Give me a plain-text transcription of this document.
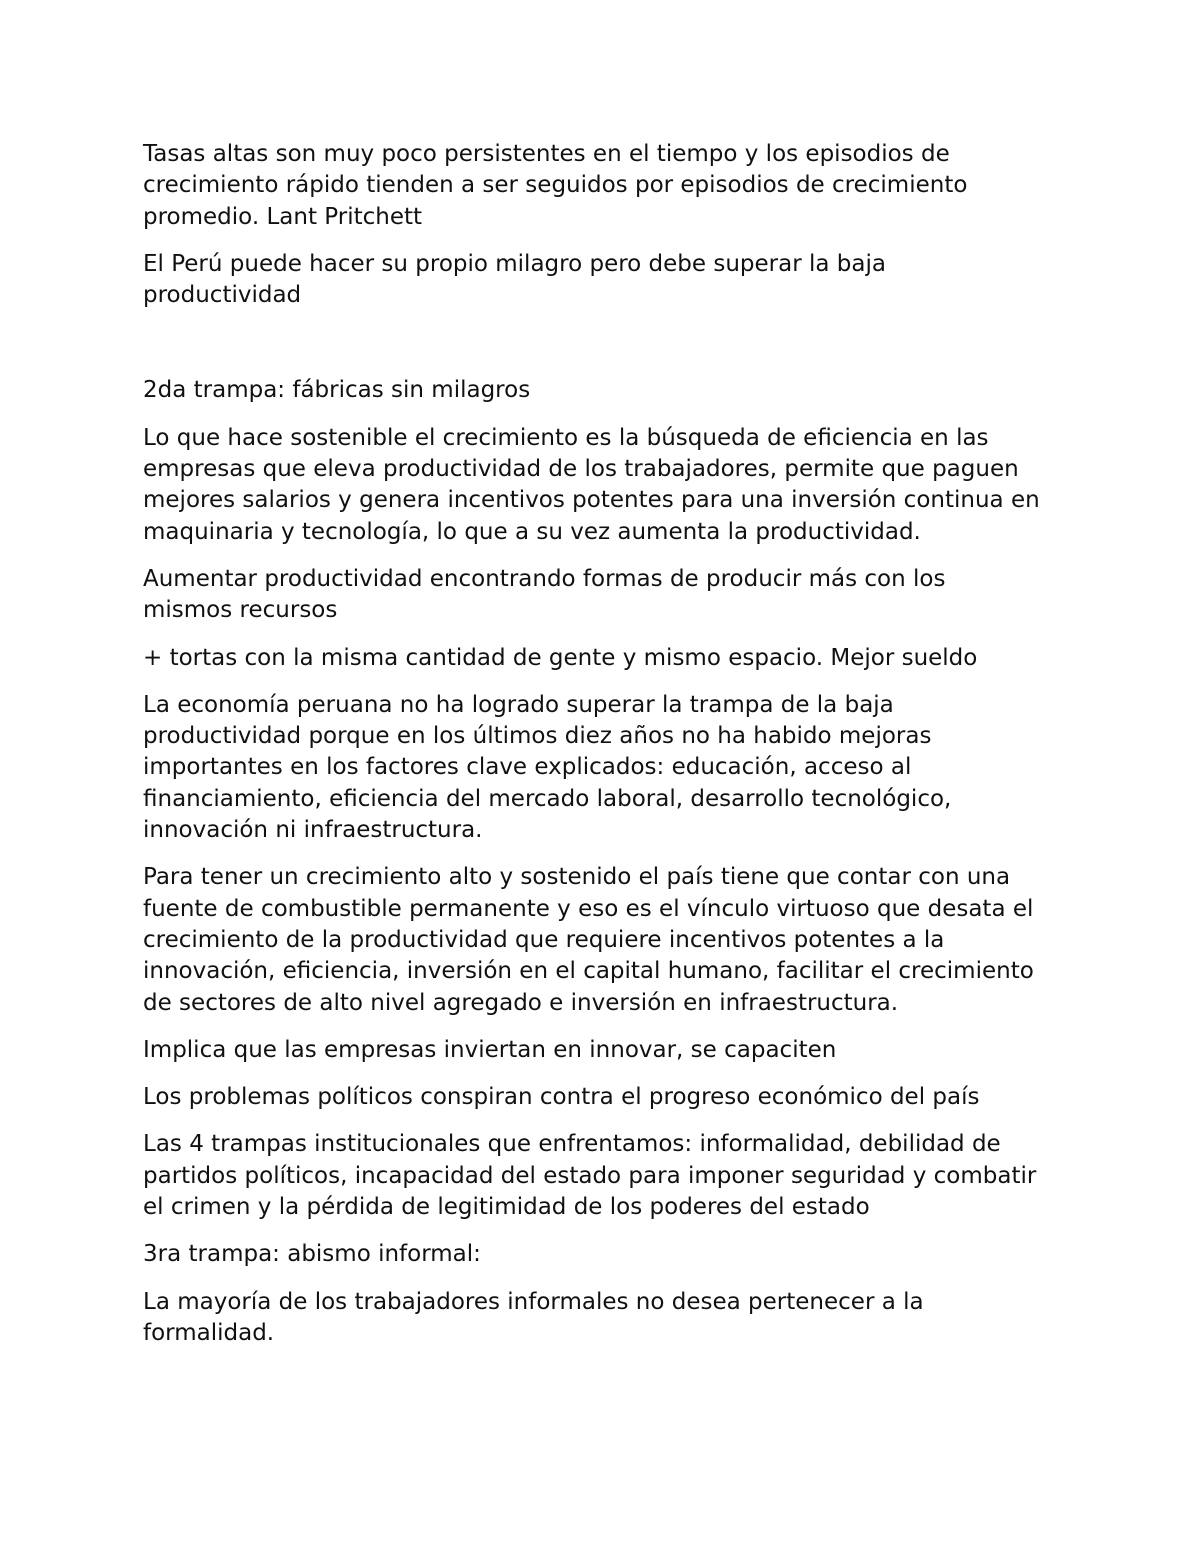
Tasas altas son muy poco persistentes en el tiempo y los episodios de
crecimiento rápido tienden a ser seguidos por episodios de crecimiento
promedio. Lant Pritchett
El Perú puede hacer su propio milagro pero debe superar la baja
productividad
2da trampa: fábricas sin milagros
Lo que hace sostenible el crecimiento es la búsqueda de eficiencia en las
empresas que eleva productividad de los trabajadores, permite que paguen
mejores salarios y genera incentivos potentes para una inversión continua en
maquinaria y tecnología, lo que a su vez aumenta la productividad.
Aumentar productividad encontrando formas de producir más con los
mismos recursos
+ tortas con la misma cantidad de gente y mismo espacio. Mejor sueldo
La economía peruana no ha logrado superar la trampa de la baja
productividad porque en los últimos diez años no ha habido mejoras
importantes en los factores clave explicados: educación, acceso al
financiamiento, eficiencia del mercado laboral, desarrollo tecnológico,
innovación ni infraestructura.
Para tener un crecimiento alto y sostenido el país tiene que contar con una
fuente de combustible permanente y eso es el vínculo virtuoso que desata el
crecimiento de la productividad que requiere incentivos potentes a la
innovación, eficiencia, inversión en el capital humano, facilitar el crecimiento
de sectores de alto nivel agregado e inversión en infraestructura.
Implica que las empresas inviertan en innovar, se capaciten
Los problemas políticos conspiran contra el progreso económico del país
Las 4 trampas institucionales que enfrentamos: informalidad, debilidad de
partidos políticos, incapacidad del estado para imponer seguridad y combatir
el crimen y la pérdida de legitimidad de los poderes del estado
3ra trampa: abismo informal:
La mayoría de los trabajadores informales no desea pertenecer a la
formalidad.
